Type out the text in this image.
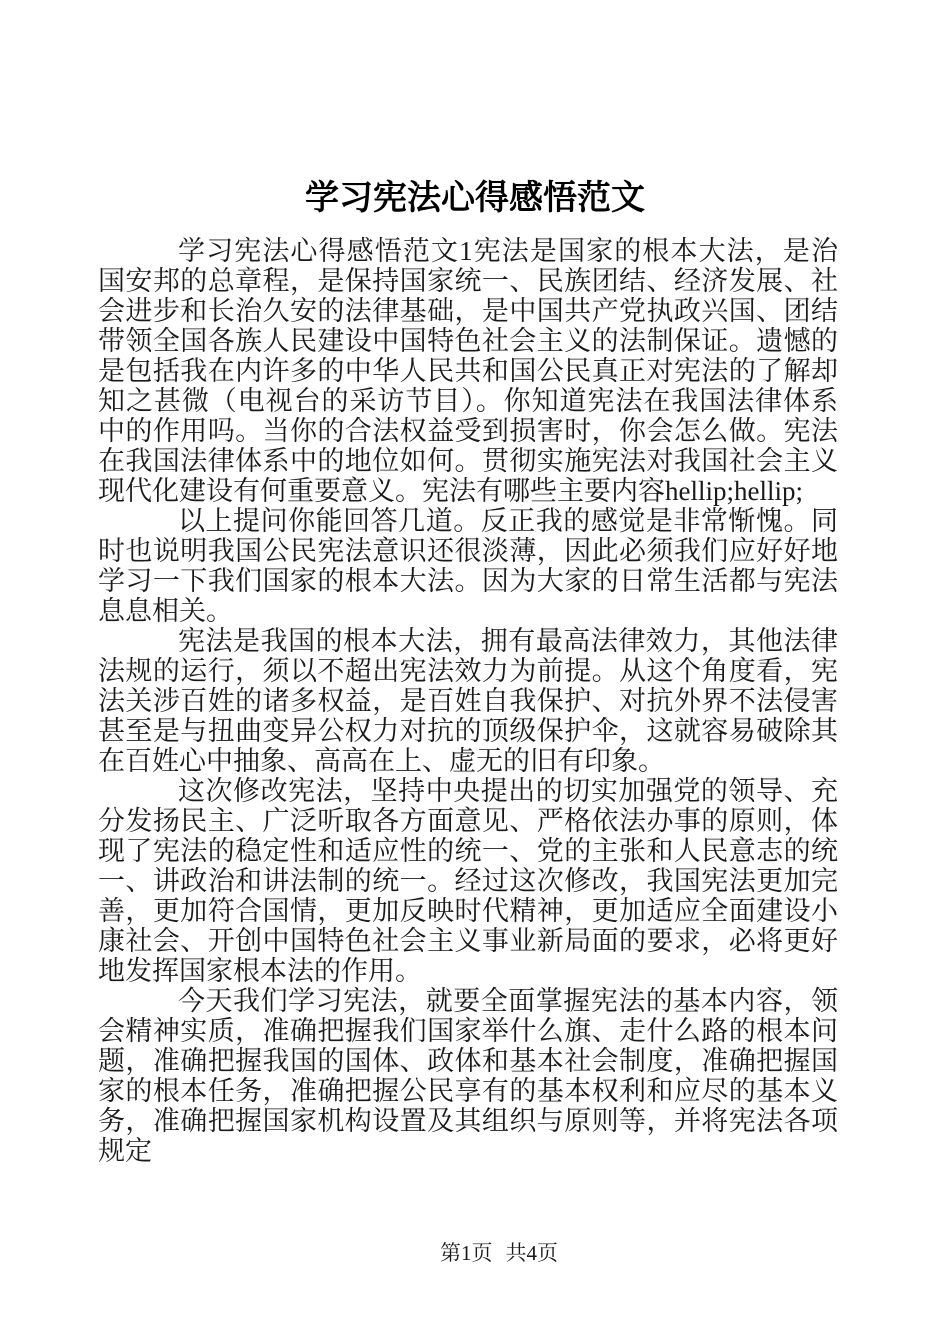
学习宪法心得感悟范文

学习宪法心得感悟范文1宪法是国家的根本大法，是治国安邦的总章程，是保持国家统一、民族团结、经济发展、社会进步和长治久安的法律基础，是中国共产党执政兴国、团结带领全国各族人民建设中国特色社会主义的法制保证。遗憾的是包括我在内许多的中华人民共和国公民真正对宪法的了解却知之甚微（电视台的采访节目）。你知道宪法在我国法律体系中的作用吗。当你的合法权益受到损害时，你会怎么做。宪法在我国法律体系中的地位如何。贯彻实施宪法对我国社会主义现代化建设有何重要意义。宪法有哪些主要内容hellip;hellip;

以上提问你能回答几道。反正我的感觉是非常惭愧。同时也说明我国公民宪法意识还很淡薄，因此必须我们应好好地学习一下我们国家的根本大法。因为大家的日常生活都与宪法息息相关。

宪法是我国的根本大法，拥有最高法律效力，其他法律法规的运行，须以不超出宪法效力为前提。从这个角度看，宪法关涉百姓的诸多权益，是百姓自我保护、对抗外界不法侵害甚至是与扭曲变异公权力对抗的顶级保护伞，这就容易破除其在百姓心中抽象、高高在上、虚无的旧有印象。

这次修改宪法，坚持中央提出的切实加强党的领导、充分发扬民主、广泛听取各方面意见、严格依法办事的原则，体现了宪法的稳定性和适应性的统一、党的主张和人民意志的统一、讲政治和讲法制的统一。经过这次修改，我国宪法更加完善，更加符合国情，更加反映时代精神，更加适应全面建设小康社会、开创中国特色社会主义事业新局面的要求，必将更好地发挥国家根本法的作用。

今天我们学习宪法，就要全面掌握宪法的基本内容，领会精神实质，准确把握我们国家举什么旗、走什么路的根本问题，准确把握我国的国体、政体和基本社会制度，准确把握国家的根本任务，准确把握公民享有的基本权利和应尽的基本义务，准确把握国家机构设置及其组织与原则等，并将宪法各项规定

第1页 共4页
